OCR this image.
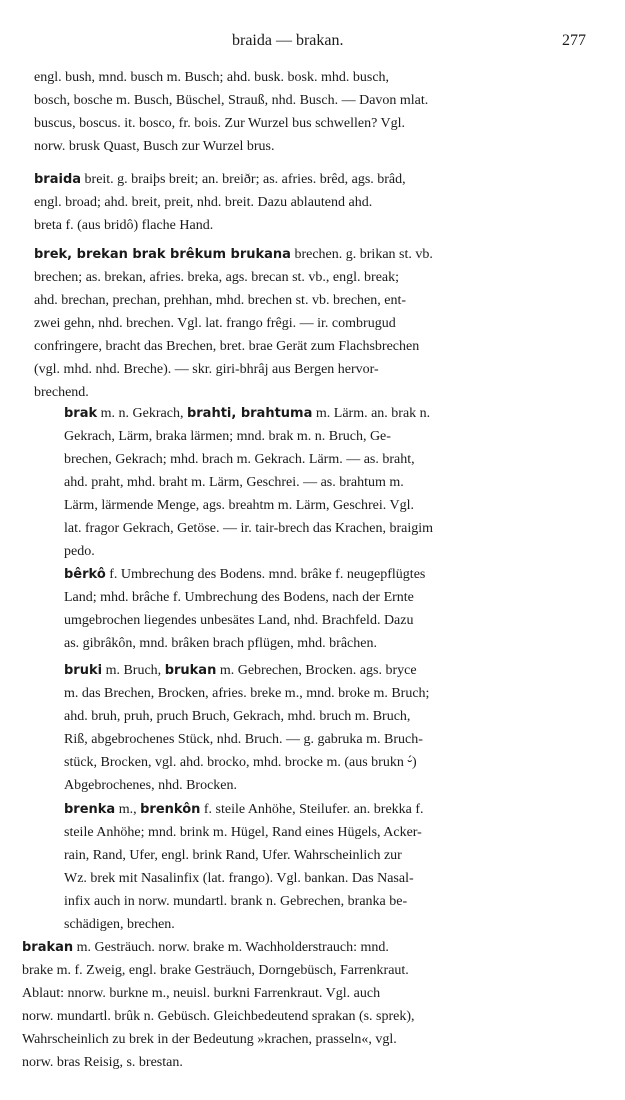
braida — brakan.	277
engl. bush, mnd. busch m. Busch; ahd. busk. bosk. mhd. busch,
bosch, bosche m. Busch, Büschel, Strauß, nhd. Busch. — Davon mlat.
buscus, boscus. it. bosco, fr. bois. Zur Wurzel bus schwellen? Vgl.
norw. brusk Quast, Busch zur Wurzel brus.
braida breit. g. braiþs breit; an. breiðr; as. afries. brêd, ags. brâd,
engl. broad; ahd. breit, preit, nhd. breit. Dazu ablautend ahd.
breta f. (aus bridô) flache Hand.
brek, brekan brak brêkum brukana brechen. g. brikan st. vb.
brechen; as. brekan, afries. breka, ags. brecan st. vb., engl. break;
ahd. brechan, prechan, prehhan, mhd. brechen st. vb. brechen, ent-
zwei gehn, nhd. brechen. Vgl. lat. frango frêgi. — ir. combrugud
confringere, bracht das Brechen, bret. brae Gerät zum Flachsbrechen
(vgl. mhd. nhd. Breche). — skr. giri-bhrâj aus Bergen hervor-
brechend.
brak m. n. Gekrach, brahti, brahtuma m. Lärm. an. brak n.
Gekrach, Lärm, braka lärmen; mnd. brak m. n. Bruch, Ge-
brechen, Gekrach; mhd. brach m. Gekrach. Lärm. — as. braht,
ahd. praht, mhd. braht m. Lärm, Geschrei. — as. brahtum m.
Lärm, lärmende Menge, ags. breahtm m. Lärm, Geschrei. Vgl.
lat. fragor Gekrach, Getöse. — ir. tair-brech das Krachen, braigim
pedo.
bêrkô f. Umbrechung des Bodens. mnd. brâke f. neugepflügtes
Land; mhd. brâche f. Umbrechung des Bodens, nach der Ernte
umgebrochen liegendes unbesätes Land, nhd. Brachfeld. Dazu
as. gibrâkôn, mnd. brâken brach pflügen, mhd. brâchen.
bruki m. Bruch, brukan m. Gebrechen, Brocken. ags. bryce
m. das Brechen, Brocken, afries. breke m., mnd. broke m. Bruch;
ahd. bruh, pruh, pruch Bruch, Gekrach, mhd. bruch m. Bruch,
Riß, abgebrochenes Stück, nhd. Bruch. — g. gabruka m. Bruch-
stück, Brocken, vgl. ahd. brocko, mhd. brocke m. (aus brukn ⏑́)
Abgebrochenes, nhd. Brocken.
brenka m., brenkôn f. steile Anhöhe, Steilufer. an. brekka f.
steile Anhöhe; mnd. brink m. Hügel, Rand eines Hügels, Acker-
rain, Rand, Ufer, engl. brink Rand, Ufer. Wahrscheinlich zur
Wz. brek mit Nasalinfix (lat. frango). Vgl. bankan. Das Nasal-
infix auch in norw. mundartl. brank n. Gebrechen, branka be-
schädigen, brechen.
brakan m. Gesträuch. norw. brake m. Wachholderstrauch: mnd.
brake m. f. Zweig, engl. brake Gesträuch, Dorngebüsch, Farrenkraut.
Ablaut: nnorw. burkne m., neuisl. burkni Farrenkraut. Vgl. auch
norw. mundartl. brûk n. Gebüsch. Gleichbedeutend sprakan (s. sprek),
Wahrscheinlich zu brek in der Bedeutung »krachen, prasseln«, vgl.
norw. bras Reisig, s. brestan.
